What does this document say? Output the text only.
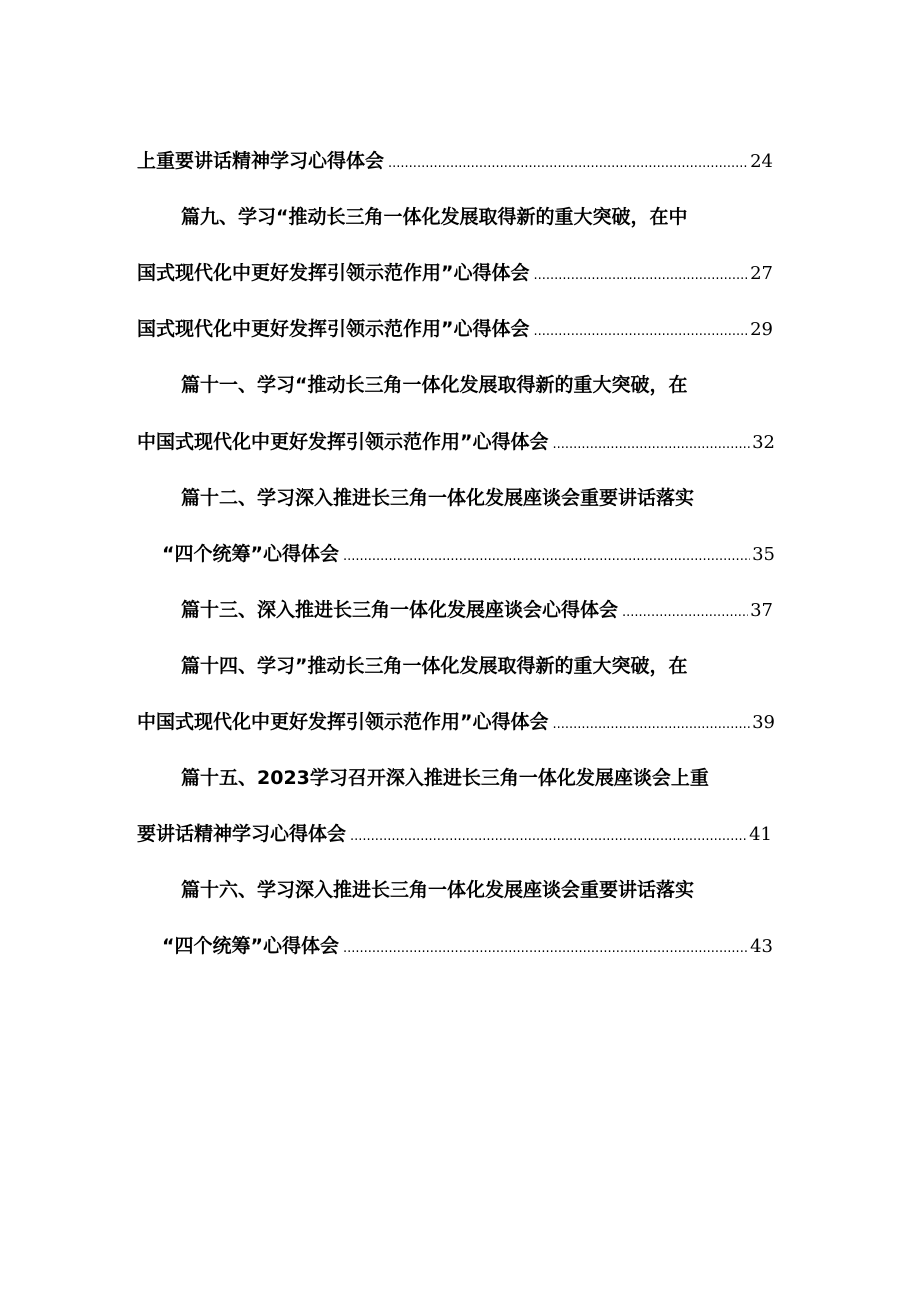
上重要讲话精神学习心得体会 .....	24
篇九、学习“推动长三角一体化发展取得新的重大突破，在中
国式现代化中更好发挥引领示范作用”心得体会 .....	27
国式现代化中更好发挥引领示范作用”心得体会 .....	29
篇十一、学习“推动长三角一体化发展取得新的重大突破，在
中国式现代化中更好发挥引领示范作用”心得体会 .....	32
篇十二、学习深入推进长三角一体化发展座谈会重要讲话落实
“四个统筹”心得体会 .....	35
篇十三、深入推进长三角一体化发展座谈会心得体会 .....	37
篇十四、学习”推动长三角一体化发展取得新的重大突破，在
中国式现代化中更好发挥引领示范作用”心得体会 .....	39
篇十五、2023学习召开深入推进长三角一体化发展座谈会上重
要讲话精神学习心得体会 .....	41
篇十六、学习深入推进长三角一体化发展座谈会重要讲话落实
“四个统筹”心得体会 .....	43
